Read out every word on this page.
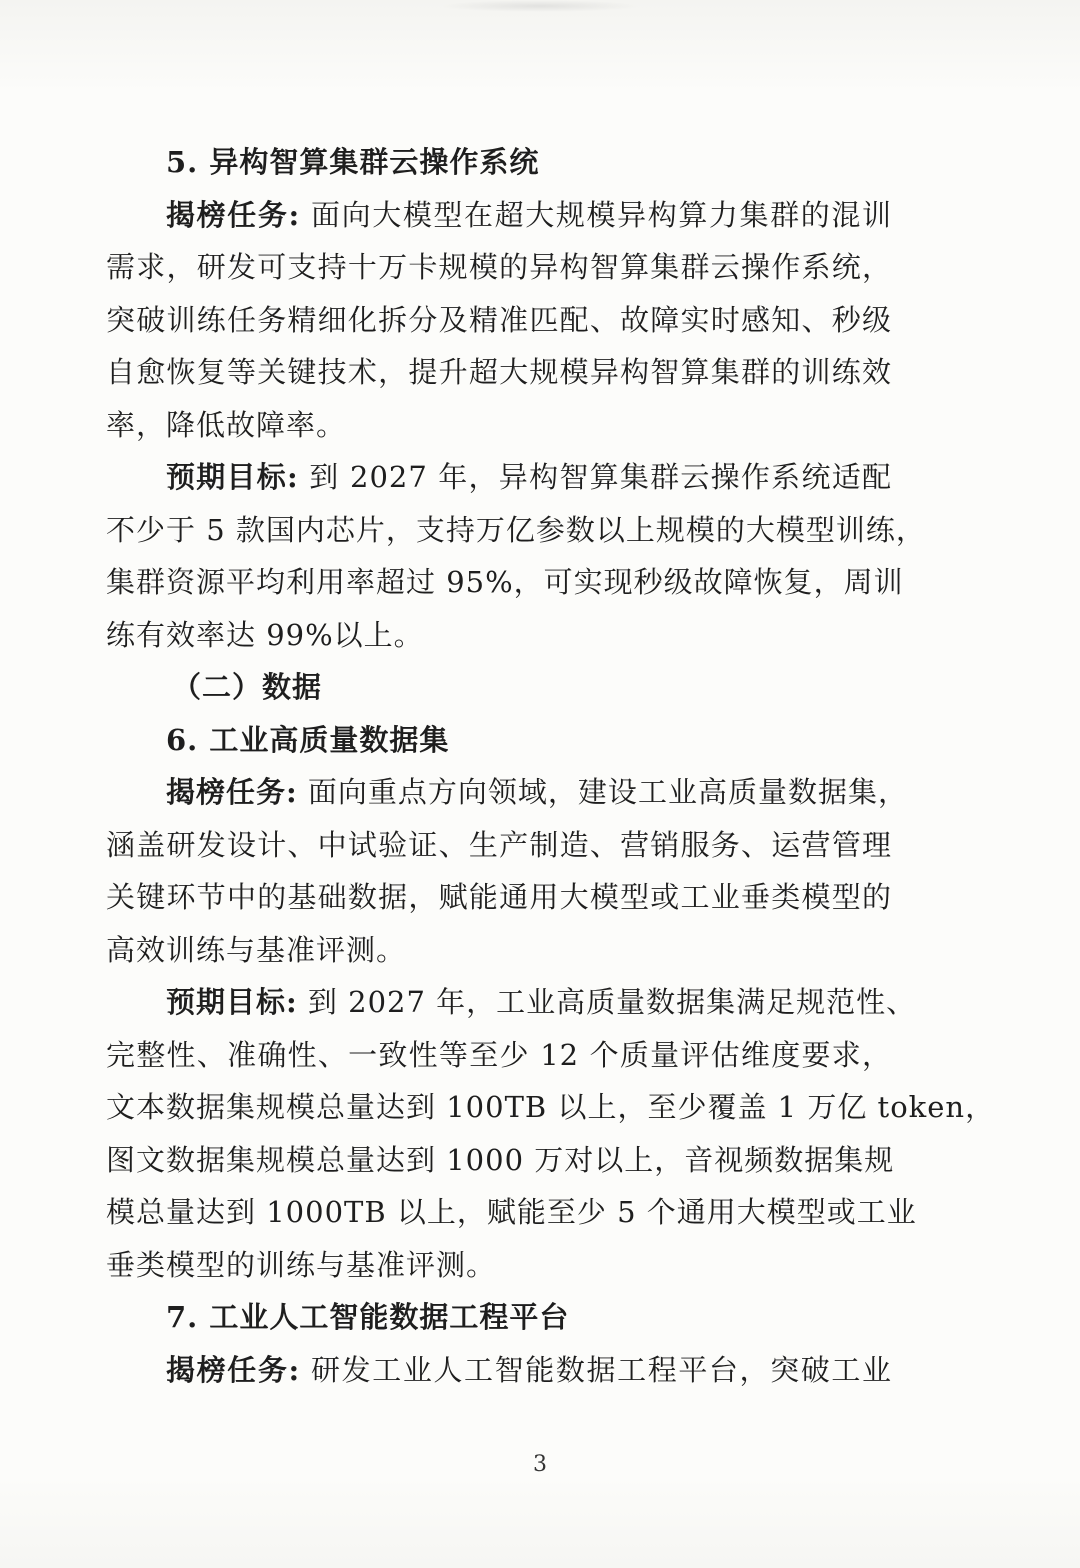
5. 异构智算集群云操作系统

揭榜任务: 面向大模型在超大规模异构算力集群的混训

需求，研发可支持十万卡规模的异构智算集群云操作系统，

突破训练任务精细化拆分及精准匹配、故障实时感知、秒级

自愈恢复等关键技术，提升超大规模异构智算集群的训练效

率，降低故障率。

预期目标: 到 2027 年，异构智算集群云操作系统适配

不少于 5 款国内芯片，支持万亿参数以上规模的大模型训练，

集群资源平均利用率超过 95%，可实现秒级故障恢复，周训

练有效率达 99%以上。

（二）数据

6. 工业高质量数据集

揭榜任务: 面向重点方向领域，建设工业高质量数据集，

涵盖研发设计、中试验证、生产制造、营销服务、运营管理

关键环节中的基础数据，赋能通用大模型或工业垂类模型的

高效训练与基准评测。

预期目标: 到 2027 年，工业高质量数据集满足规范性、

完整性、准确性、一致性等至少 12 个质量评估维度要求，

文本数据集规模总量达到 100TB 以上，至少覆盖 1 万亿 token，

图文数据集规模总量达到 1000 万对以上，音视频数据集规

模总量达到 1000TB 以上，赋能至少 5 个通用大模型或工业

垂类模型的训练与基准评测。

7. 工业人工智能数据工程平台

揭榜任务: 研发工业人工智能数据工程平台，突破工业

3
